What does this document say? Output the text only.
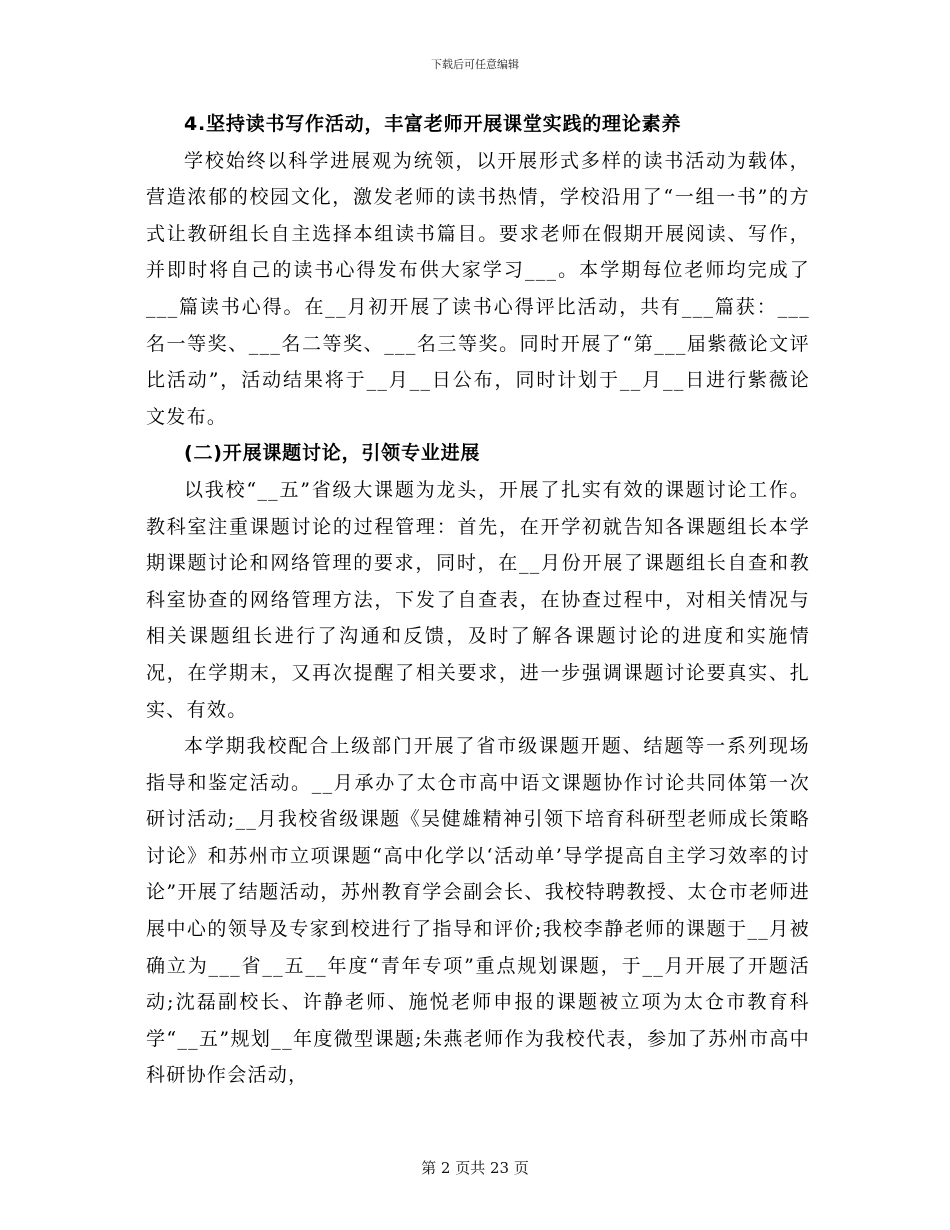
下载后可任意编辑
4.坚持读书写作活动，丰富老师开展课堂实践的理论素养

学校始终以科学进展观为统领，以开展形式多样的读书活动为载体，营造浓郁的校园文化，激发老师的读书热情，学校沿用了“一组一书”的方式让教研组长自主选择本组读书篇目。要求老师在假期开展阅读、写作，并即时将自己的读书心得发布供大家学习___。本学期每位老师均完成了___篇读书心得。在__月初开展了读书心得评比活动，共有___篇获：___名一等奖、___名二等奖、___名三等奖。同时开展了“第___届紫薇论文评比活动”，活动结果将于__月__日公布，同时计划于__月__日进行紫薇论文发布。

(二)开展课题讨论，引领专业进展

以我校“__五”省级大课题为龙头，开展了扎实有效的课题讨论工作。教科室注重课题讨论的过程管理：首先，在开学初就告知各课题组长本学期课题讨论和网络管理的要求，同时，在__月份开展了课题组长自查和教科室协查的网络管理方法，下发了自查表，在协查过程中，对相关情况与相关课题组长进行了沟通和反馈，及时了解各课题讨论的进度和实施情况，在学期末，又再次提醒了相关要求，进一步强调课题讨论要真实、扎实、有效。

本学期我校配合上级部门开展了省市级课题开题、结题等一系列现场指导和鉴定活动。__月承办了太仓市高中语文课题协作讨论共同体第一次研讨活动;__月我校省级课题《吴健雄精神引领下培育科研型老师成长策略讨论》和苏州市立项课题“高中化学以‘活动单’导学提高自主学习效率的讨论”开展了结题活动，苏州教育学会副会长、我校特聘教授、太仓市老师进展中心的领导及专家到校进行了指导和评价;我校李静老师的课题于__月被确立为___省__五__年度“青年专项”重点规划课题，于__月开展了开题活动;沈磊副校长、许静老师、施悦老师申报的课题被立项为太仓市教育科学“__五”规划__年度微型课题;朱燕老师作为我校代表，参加了苏州市高中科研协作会活动，

第 2 页共 23 页
